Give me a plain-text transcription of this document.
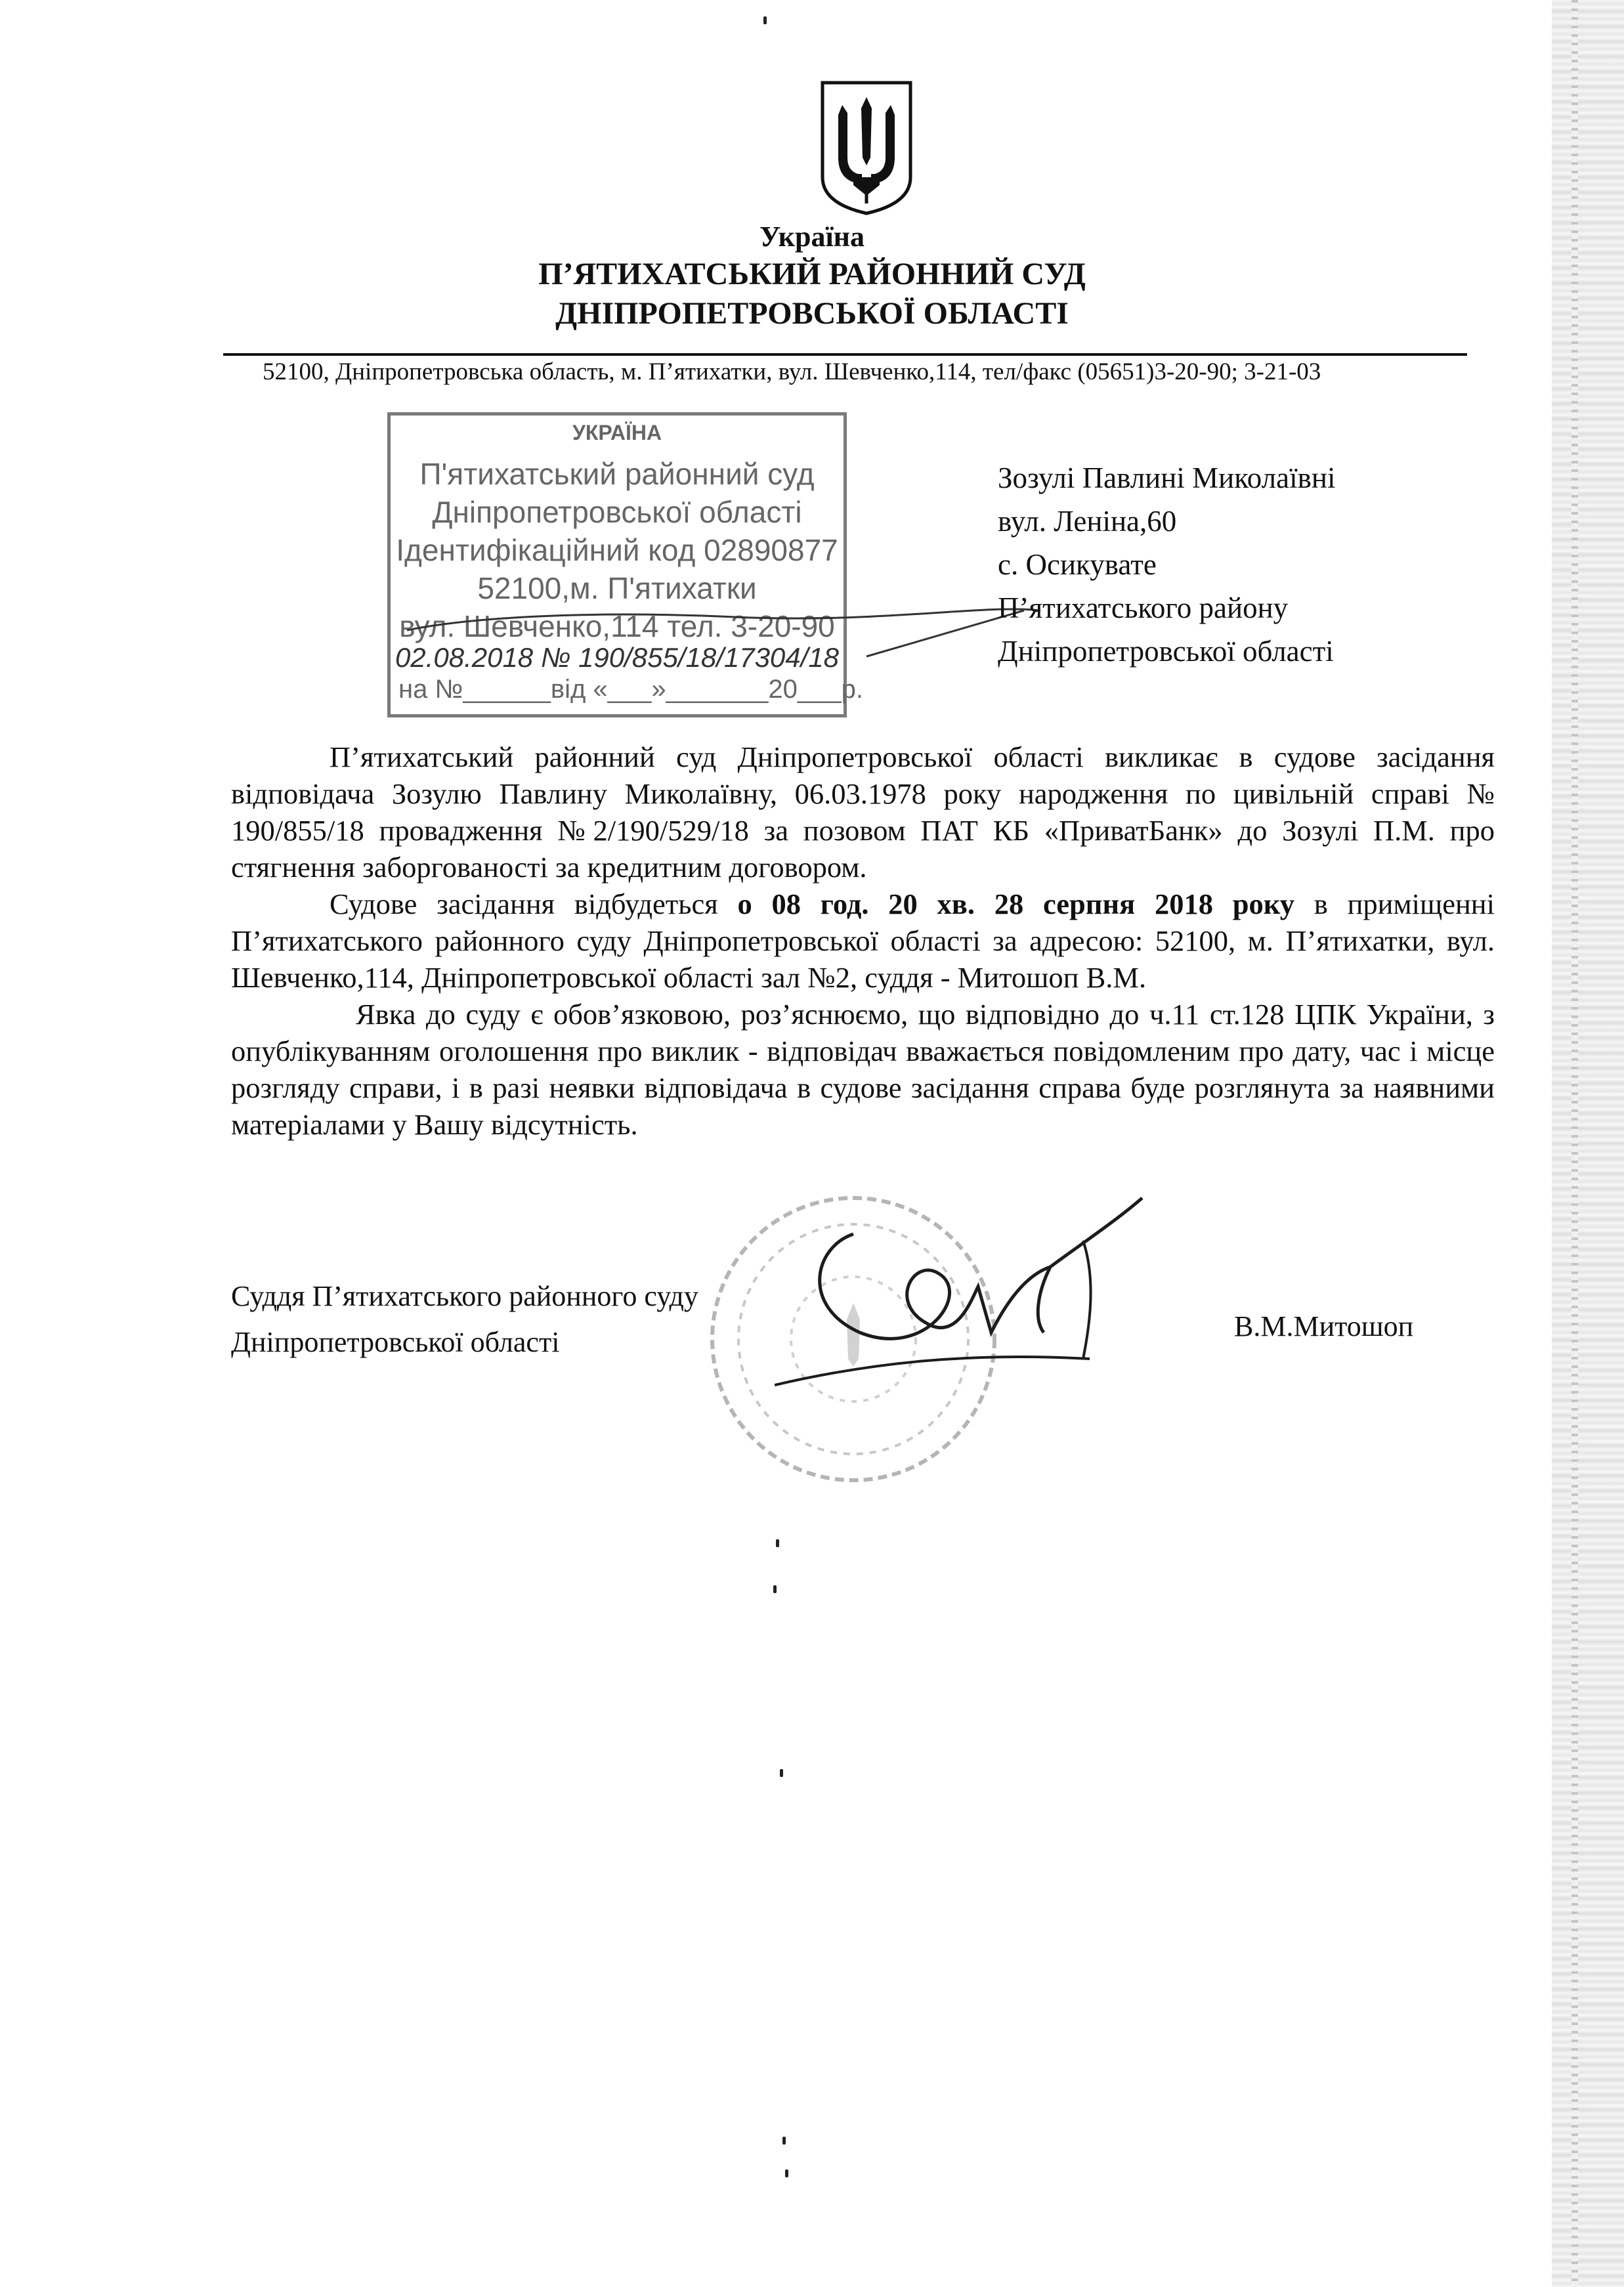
Україна
П’ЯТИХАТСЬКИЙ РАЙОННИЙ СУД
ДНІПРОПЕТРОВСЬКОЇ ОБЛАСТІ
52100, Дніпропетровська область, м. П’ятихатки, вул. Шевченко,114, тел/факс (05651)3-20-90; 3-21-03
УКРАЇНА
П'ятихатський районний суд
Дніпропетровської області
Ідентифікаційний код 02890877
52100,м. П'ятихатки
вул. Шевченко,114 тел. 3-20-90
02.08.2018 № 190/855/18/17304/18
на №______від «___»_______20___р.
Зозулі Павлині Миколаївні
вул. Леніна,60
с. Осикувате
П’ятихатського району
Дніпропетровської області

П’ятихатський районний суд Дніпропетровської області викликає в судове засідання відповідача Зозулю Павлину Миколаївну, 06.03.1978 року народження по цивільній справі № 190/855/18 провадження №2/190/529/18 за позовом ПАТ КБ «ПриватБанк» до Зозулі П.М. про стягнення заборгованості за кредитним договором.

Судове засідання відбудеться о 08 год. 20 хв. 28 серпня 2018 року в приміщенні П’ятихатського районного суду Дніпропетровської області за адресою: 52100, м. П’ятихатки, вул. Шевченко,114, Дніпропетровської області зал №2, суддя - Митошоп В.М.

Явка до суду є обов’язковою, роз’яснюємо, що відповідно до ч.11 ст.128 ЦПК України, з опублікуванням оголошення про виклик - відповідач вважається повідомленим про дату, час і місце розгляду справи, і в разі неявки відповідача в судове засідання справа буде розглянута за наявними матеріалами у Вашу відсутність.

Суддя П’ятихатського районного суду
Дніпропетровської області	В.М.Митошоп
